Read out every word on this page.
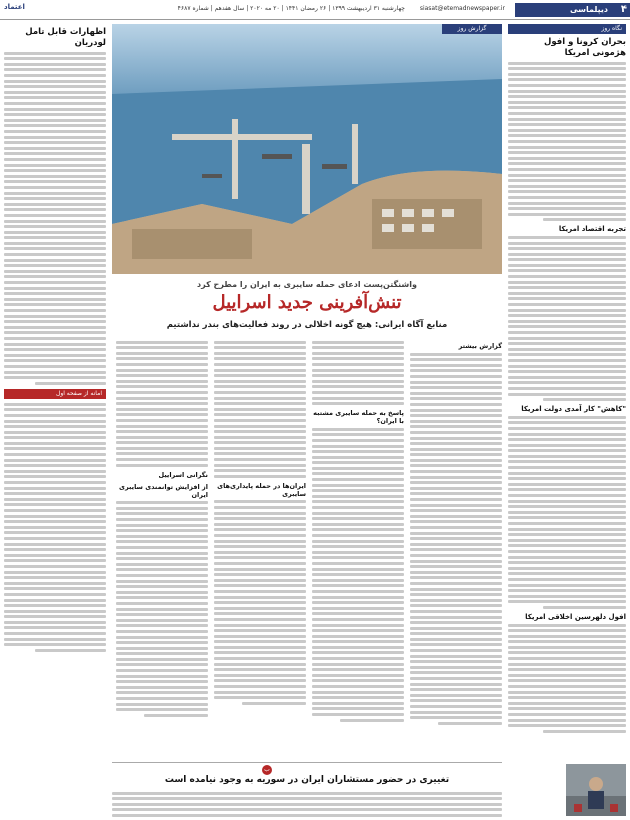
۴
دیپلماسی
siasat@etemadnewspaper.ir
چهارشنبه ۳۱ اردیبهشت ۱۳۹۹ | ۲۶ رمضان ۱۴۴۱ | ۲۰ مه ۲۰۲۰ | سال هفدهم | شماره ۴۶۸۷
اعتماد
نگاه روز
بحران کرونا و افول هژمونی امریکا
تجربه اقتصاد امریکا
"کاهش" کار آمدی دولت امریکا
افول دلهرسین اخلاقی امریکا
واشنگتن‌پست ادعای حمله سایبری به ایران را مطرح کرد
تنش‌آفرینی جدید اسراییل
منابع آگاه ایرانی: هیچ گونه اخلالی در روند فعالیت‌های بندر نداشتیم
گزارش بیشتر
پاسخ به حمله سایبری مشتبه با ایران؟
ایران‌ها در حمله پایداری‌های سایبری
نگرانی اسراییل
از افزایش توانمندی سایبری ایران
ب
تغییری در حضور مستشاران ایران در سوریه به وجود نیامده است
اظهارات قابل تامل لودریان
امانه از صفحه اول
گزارش روز
